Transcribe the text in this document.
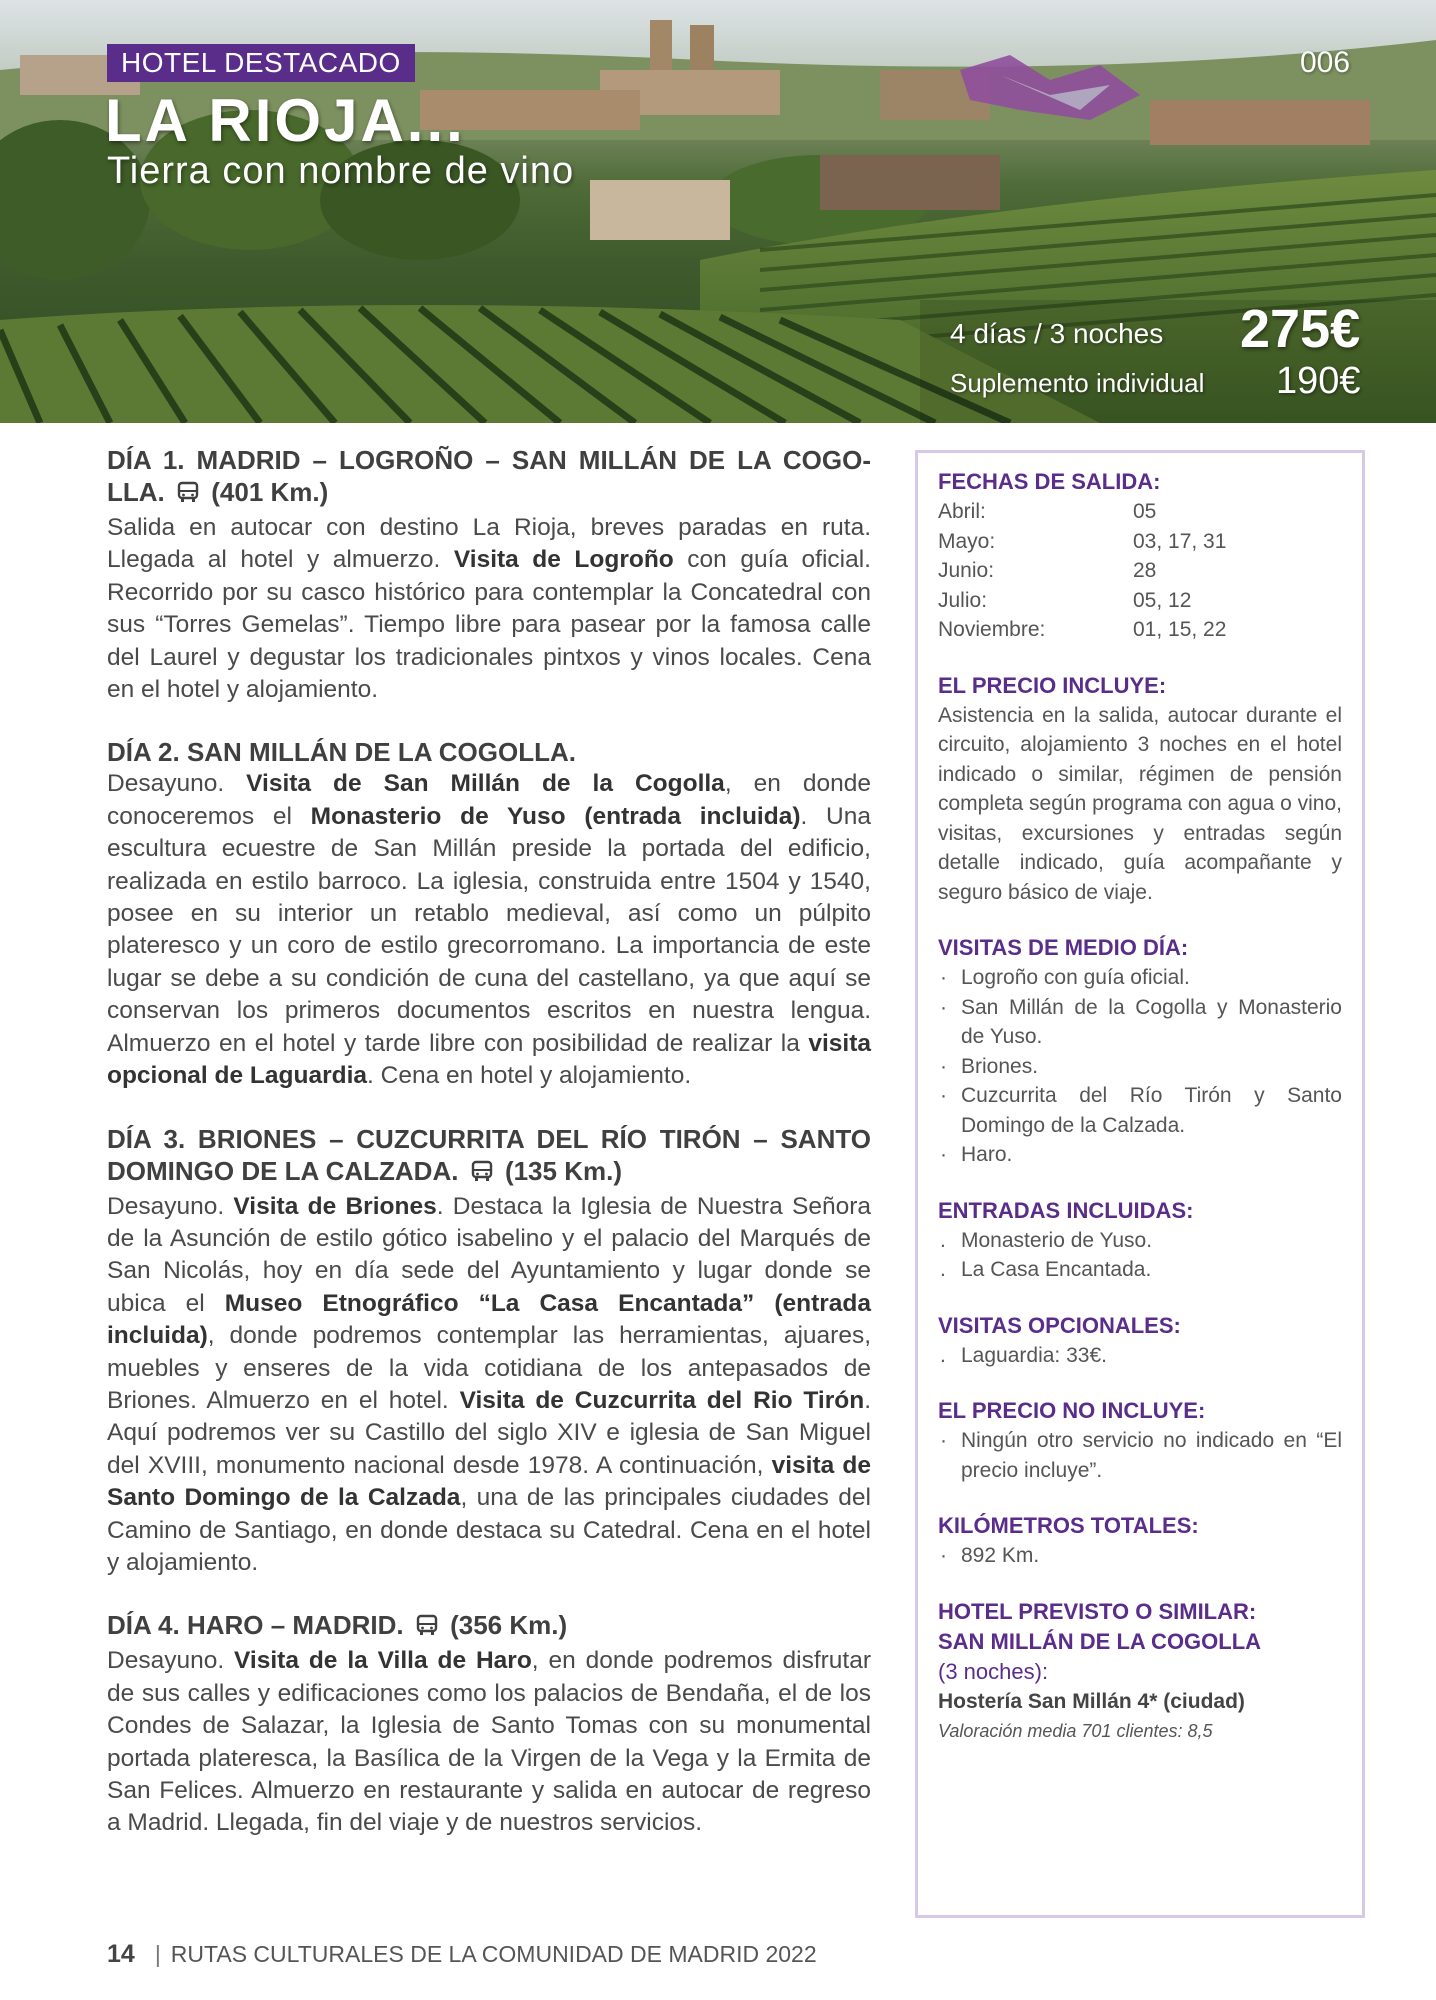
HOTEL DESTACADO
LA RIOJA...
Tierra con nombre de vino
006
4 días / 3 noches 275€
Suplemento individual 190€
DÍA 1. MADRID – LOGROÑO – SAN MILLÁN DE LA COGO-LLA. (401 Km.)
Salida en autocar con destino La Rioja, breves paradas en ruta. Llegada al hotel y almuerzo. Visita de Logroño con guía oficial. Recorrido por su casco histórico para contemplar la Concatedral con sus “Torres Gemelas”. Tiempo libre para pasear por la famosa calle del Laurel y degustar los tradicionales pintxos y vinos locales. Cena en el hotel y alojamiento.
DÍA 2. SAN MILLÁN DE LA COGOLLA.
Desayuno. Visita de San Millán de la Cogolla, en donde conoceremos el Monasterio de Yuso (entrada incluida). Una escultura ecuestre de San Millán preside la portada del edificio, realizada en estilo barroco. La iglesia, construida entre 1504 y 1540, posee en su interior un retablo medieval, así como un púlpito plateresco y un coro de estilo grecorromano. La importancia de este lugar se debe a su condición de cuna del castellano, ya que aquí se conservan los primeros documentos escritos en nuestra lengua. Almuerzo en el hotel y tarde libre con posibilidad de realizar la visita opcional de Laguardia. Cena en hotel y alojamiento.
DÍA 3. BRIONES – CUZCURRITA DEL RÍO TIRÓN – SANTO DOMINGO DE LA CALZADA. (135 Km.)
Desayuno. Visita de Briones. Destaca la Iglesia de Nuestra Señora de la Asunción de estilo gótico isabelino y el palacio del Marqués de San Nicolás, hoy en día sede del Ayuntamiento y lugar donde se ubica el Museo Etnográfico “La Casa Encantada” (entrada incluida), donde podremos contemplar las herramientas, ajuares, muebles y enseres de la vida cotidiana de los antepasados de Briones. Almuerzo en el hotel. Visita de Cuzcurrita del Rio Tirón. Aquí podremos ver su Castillo del siglo XIV e iglesia de San Miguel del XVIII, monumento nacional desde 1978. A continuación, visita de Santo Domingo de la Calzada, una de las principales ciudades del Camino de Santiago, en donde destaca su Catedral. Cena en el hotel y alojamiento.
DÍA 4. HARO – MADRID. (356 Km.)
Desayuno. Visita de la Villa de Haro, en donde podremos disfrutar de sus calles y edificaciones como los palacios de Bendaña, el de los Condes de Salazar, la Iglesia de Santo Tomas con su monumental portada plateresca, la Basílica de la Virgen de la Vega y la Ermita de San Felices. Almuerzo en restaurante y salida en autocar de regreso a Madrid. Llegada, fin del viaje y de nuestros servicios.
FECHAS DE SALIDA:
Abril:	05
Mayo:	03, 17, 31
Junio:	28
Julio:	05, 12
Noviembre:	01, 15, 22
EL PRECIO INCLUYE:
Asistencia en la salida, autocar durante el circuito, alojamiento 3 noches en el hotel indicado o similar, régimen de pensión completa según programa con agua o vino, visitas, excursiones y entradas según detalle indicado, guía acompañante y seguro básico de viaje.
VISITAS DE MEDIO DÍA:
· Logroño con guía oficial.
· San Millán de la Cogolla y Monasterio de Yuso.
· Briones.
· Cuzcurrita del Río Tirón y Santo Domingo de la Calzada.
· Haro.
ENTRADAS INCLUIDAS:
. Monasterio de Yuso.
. La Casa Encantada.
VISITAS OPCIONALES:
. Laguardia: 33€.
EL PRECIO NO INCLUYE:
· Ningún otro servicio no indicado en “El precio incluye”.
KILÓMETROS TOTALES:
· 892 Km.
HOTEL PREVISTO O SIMILAR:
SAN MILLÁN DE LA COGOLLA
(3 noches):
Hostería San Millán 4* (ciudad)
Valoración media 701 clientes: 8,5
14 | RUTAS CULTURALES DE LA COMUNIDAD DE MADRID 2022
